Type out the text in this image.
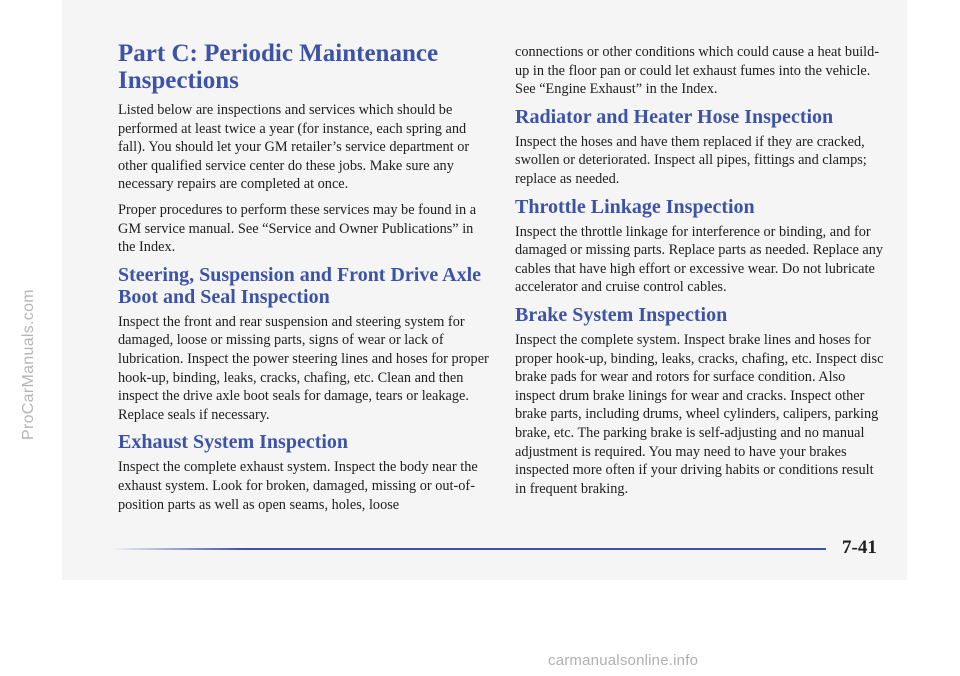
ProCarManuals.com
Part C: Periodic Maintenance Inspections

Listed below are inspections and services which should be performed at least twice a year (for instance, each spring and fall). You should let your GM retailer’s service department or other qualified service center do these jobs. Make sure any necessary repairs are completed at once.

Proper procedures to perform these services may be found in a GM service manual. See “Service and Owner Publications” in the Index.

Steering, Suspension and Front Drive Axle Boot and Seal Inspection

Inspect the front and rear suspension and steering system for damaged, loose or missing parts, signs of wear or lack of lubrication. Inspect the power steering lines and hoses for proper hook-up, binding, leaks, cracks, chafing, etc. Clean and then inspect the drive axle boot seals for damage, tears or leakage. Replace seals if necessary.

Exhaust System Inspection

Inspect the complete exhaust system. Inspect the body near the exhaust system. Look for broken, damaged, missing or out-of-position parts as well as open seams, holes, loose

connections or other conditions which could cause a heat build-up in the floor pan or could let exhaust fumes into the vehicle. See “Engine Exhaust” in the Index.

Radiator and Heater Hose Inspection

Inspect the hoses and have them replaced if they are cracked, swollen or deteriorated. Inspect all pipes, fittings and clamps; replace as needed.

Throttle Linkage Inspection

Inspect the throttle linkage for interference or binding, and for damaged or missing parts. Replace parts as needed. Replace any cables that have high effort or excessive wear. Do not lubricate accelerator and cruise control cables.

Brake System Inspection

Inspect the complete system. Inspect brake lines and hoses for proper hook-up, binding, leaks, cracks, chafing, etc. Inspect disc brake pads for wear and rotors for surface condition. Also inspect drum brake linings for wear and cracks. Inspect other brake parts, including drums, wheel cylinders, calipers, parking brake, etc. The parking brake is self-adjusting and no manual adjustment is required. You may need to have your brakes inspected more often if your driving habits or conditions result in frequent braking.

7-41
carmanualsonline.info
